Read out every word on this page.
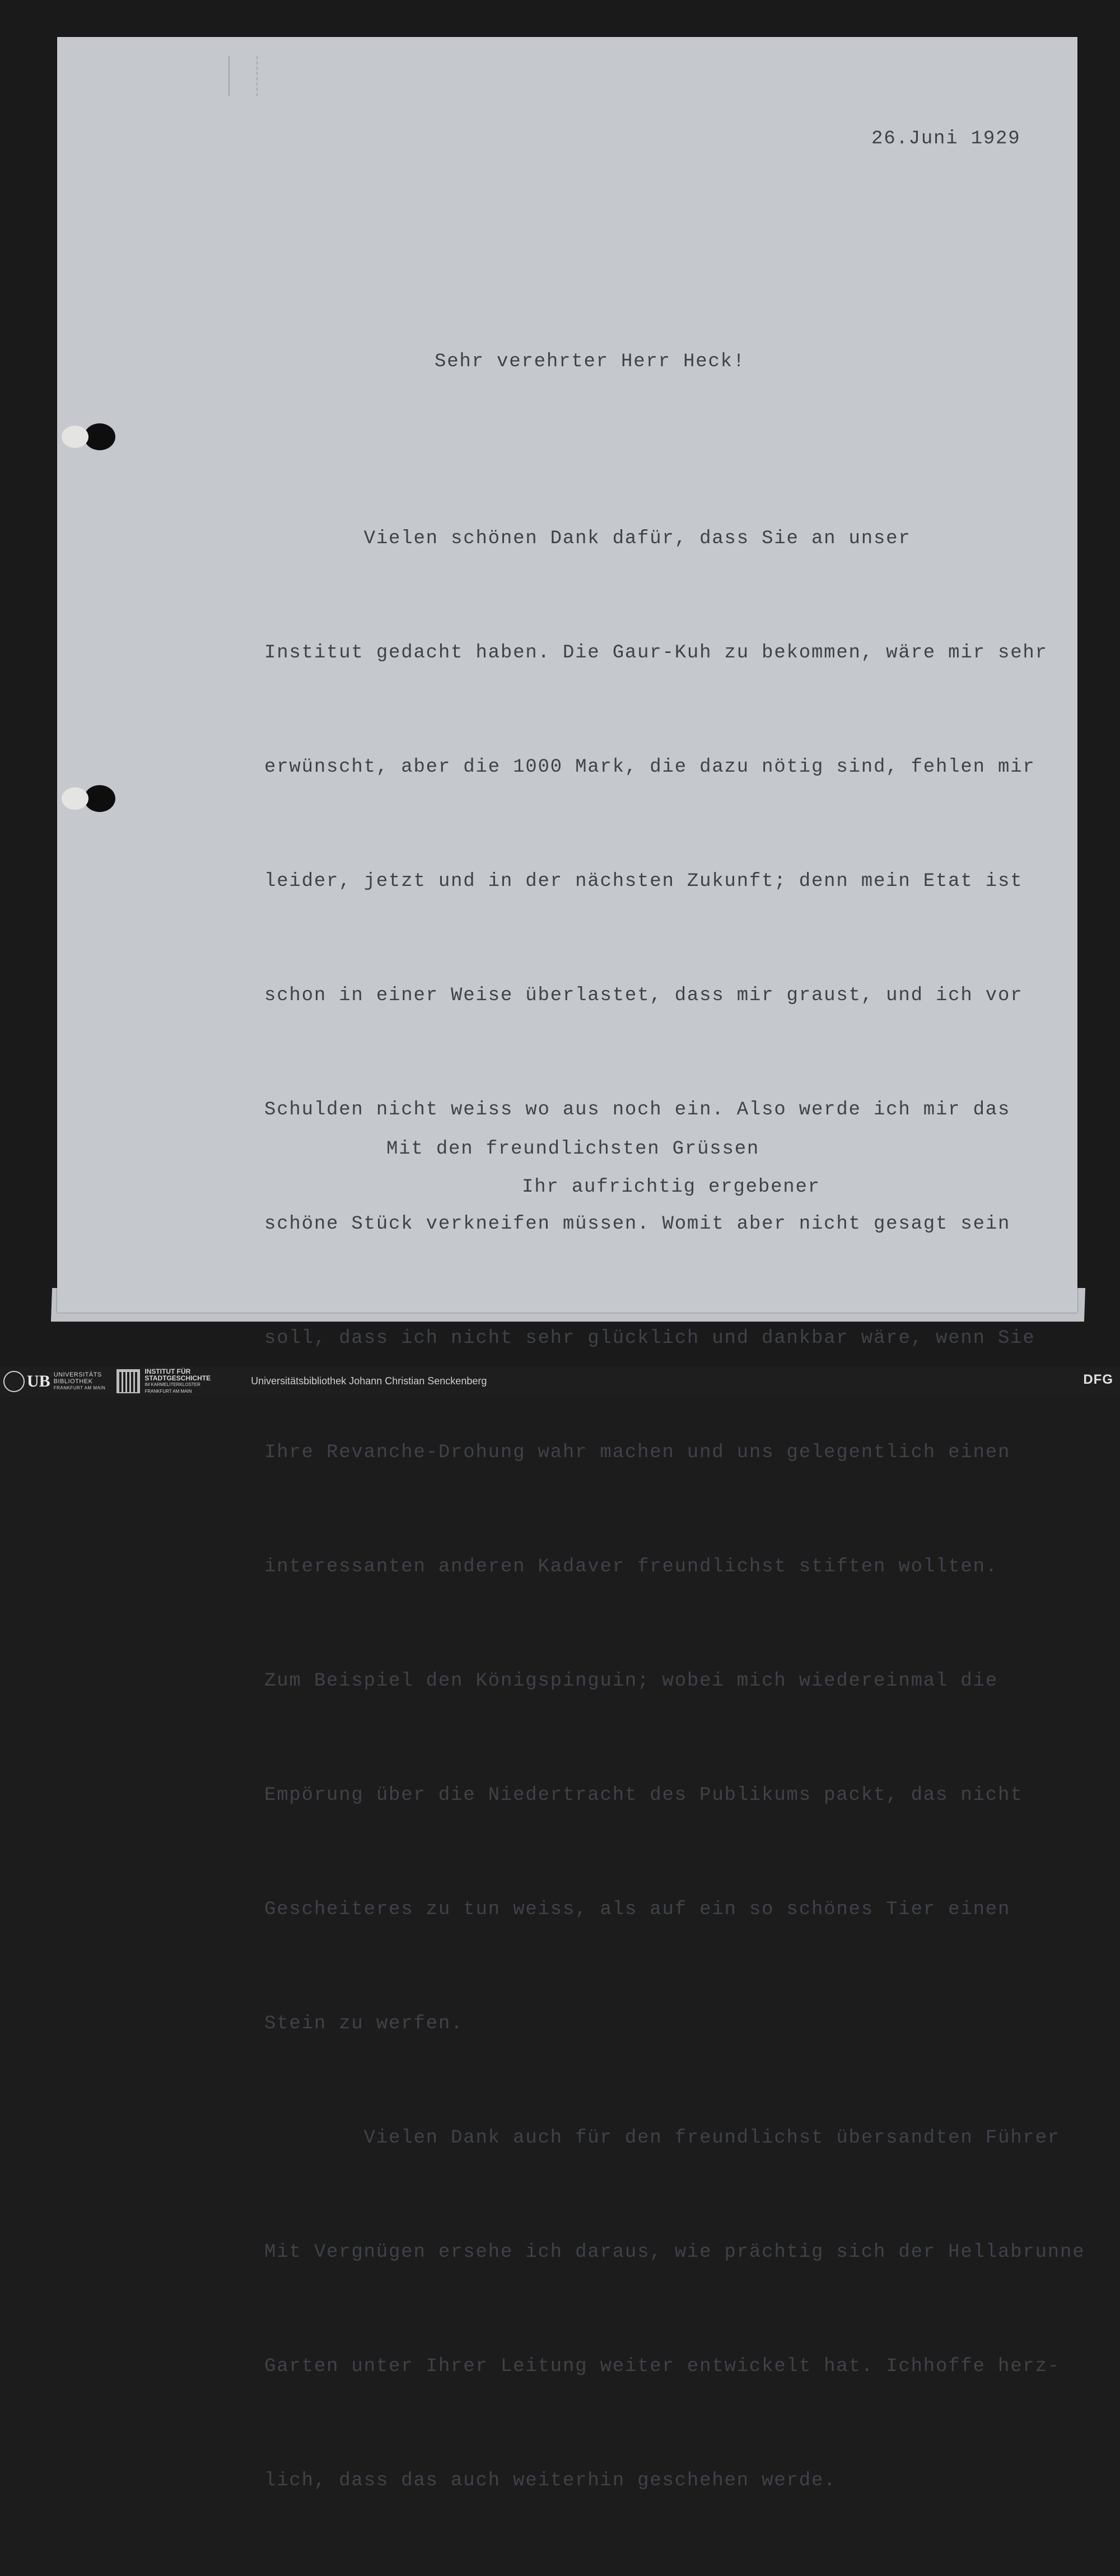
26.Juni 1929
Sehr verehrter Herr Heck!

Vielen schönen Dank dafür, dass Sie an unser

Institut gedacht haben. Die Gaur-Kuh zu bekommen, wäre mir sehr

erwünscht, aber die 1000 Mark, die dazu nötig sind, fehlen mir

leider, jetzt und in der nächsten Zukunft; denn mein Etat ist

schon in einer Weise überlastet, dass mir graust, und ich vor

Schulden nicht weiss wo aus noch ein. Also werde ich mir das

schöne Stück verkneifen müssen. Womit aber nicht gesagt sein

soll, dass ich nicht sehr glücklich und dankbar wäre, wenn Sie

Ihre Revanche-Drohung wahr machen und uns gelegentlich einen

interessanten anderen Kadaver freundlichst stiften wollten.

Zum Beispiel den Königspinguin; wobei mich wiedereinmal die

Empörung über die Niedertracht des Publikums packt, das nicht

Gescheiteres zu tun weiss, als auf ein so schönes Tier einen

Stein zu werfen.

Vielen Dank auch für den freundlichst übersandten Führer

Mit Vergnügen ersehe ich daraus, wie prächtig sich der Hellabrunne

Garten unter Ihrer Leitung weiter entwickelt hat. Ichhoffe herz-

lich, dass das auch weiterhin geschehen werde.

Mit den freundlichsten Grüssen
Ihr aufrichtig ergebener
UB UNIVERSITÄTS
BIBLIOTHEK
FRANKFURT AM MAIN
INSTITUT FÜR
STADTGESCHICHTE
IM KARMELITERKLOSTER
FRANKFURT AM MAIN
Universitätsbibliothek Johann Christian Senckenberg	DFG
